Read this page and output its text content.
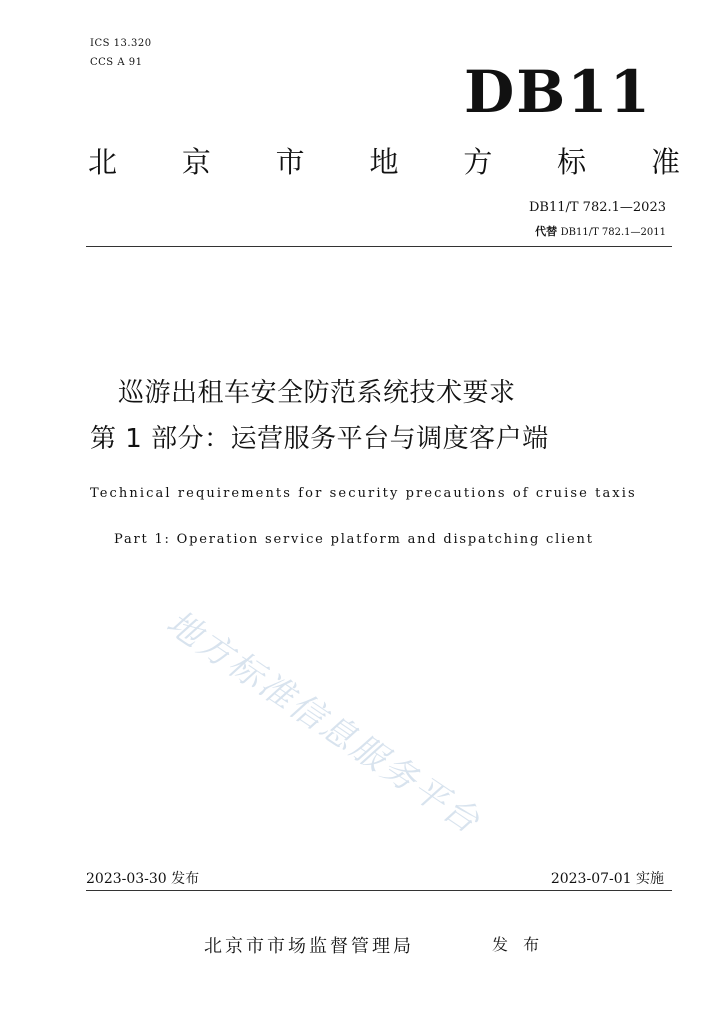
ICS 13.320
CCS A 91	DB11
北 京 市 地 方 标 准
DB11/T 782.1—2023
代替 DB11/T 782.1—2011
巡游出租车安全防范系统技术要求
第 1 部分：运营服务平台与调度客户端
Technical requirements for security precautions of cruise taxis
Part 1: Operation service platform and dispatching client
地方标准信息服务平台
2023-03-30 发布	2023-07-01 实施
北京市市场监督管理局	发 布
